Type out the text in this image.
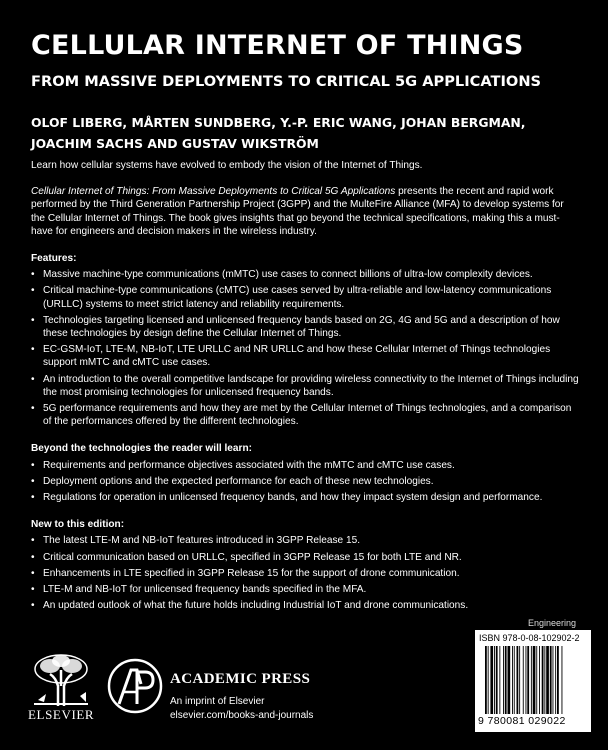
CELLULAR INTERNET OF THINGS
FROM MASSIVE DEPLOYMENTS TO CRITICAL 5G APPLICATIONS
OLOF LIBERG, MÅRTEN SUNDBERG, Y.-P. ERIC WANG, JOHAN BERGMAN,
JOACHIM SACHS AND GUSTAV WIKSTRÖM

Learn how cellular systems have evolved to embody the vision of the Internet of Things.

Cellular Internet of Things: From Massive Deployments to Critical 5G Applications presents the recent and rapid work performed by the Third Generation Partnership Project (3GPP) and the MulteFire Alliance (MFA) to develop systems for the Cellular Internet of Things. The book gives insights that go beyond the technical specifications, making this a must-have for engineers and decision makers in the wireless industry.

Features:

• Massive machine-type communications (mMTC) use cases to connect billions of ultra-low complexity devices.
• Critical machine-type communications (cMTC) use cases served by ultra-reliable and low-latency communications (URLLC) systems to meet strict latency and reliability requirements.
• Technologies targeting licensed and unlicensed frequency bands based on 2G, 4G and 5G and a description of how these technologies by design define the Cellular Internet of Things.
• EC-GSM-IoT, LTE-M, NB-IoT, LTE URLLC and NR URLLC and how these Cellular Internet of Things technologies support mMTC and cMTC use cases.
• An introduction to the overall competitive landscape for providing wireless connectivity to the Internet of Things including the most promising technologies for unlicensed frequency bands.
• 5G performance requirements and how they are met by the Cellular Internet of Things technologies, and a comparison of the performances offered by the different technologies.

Beyond the technologies the reader will learn:

• Requirements and performance objectives associated with the mMTC and cMTC use cases.
• Deployment options and the expected performance for each of these new technologies.
• Regulations for operation in unlicensed frequency bands, and how they impact system design and performance.

New to this edition:

• The latest LTE-M and NB-IoT features introduced in 3GPP Release 15.
• Critical communication based on URLLC, specified in 3GPP Release 15 for both LTE and NR.
• Enhancements in LTE specified in 3GPP Release 15 for the support of drone communication.
• LTE-M and NB-IoT for unlicensed frequency bands specified in the MFA.
• An updated outlook of what the future holds including Industrial IoT and drone communications.
Engineering
ISBN 978-0-08-102902-2
9 780081 029022
ELSEVIER
ACADEMIC PRESS
An imprint of Elsevier
elsevier.com/books-and-journals
